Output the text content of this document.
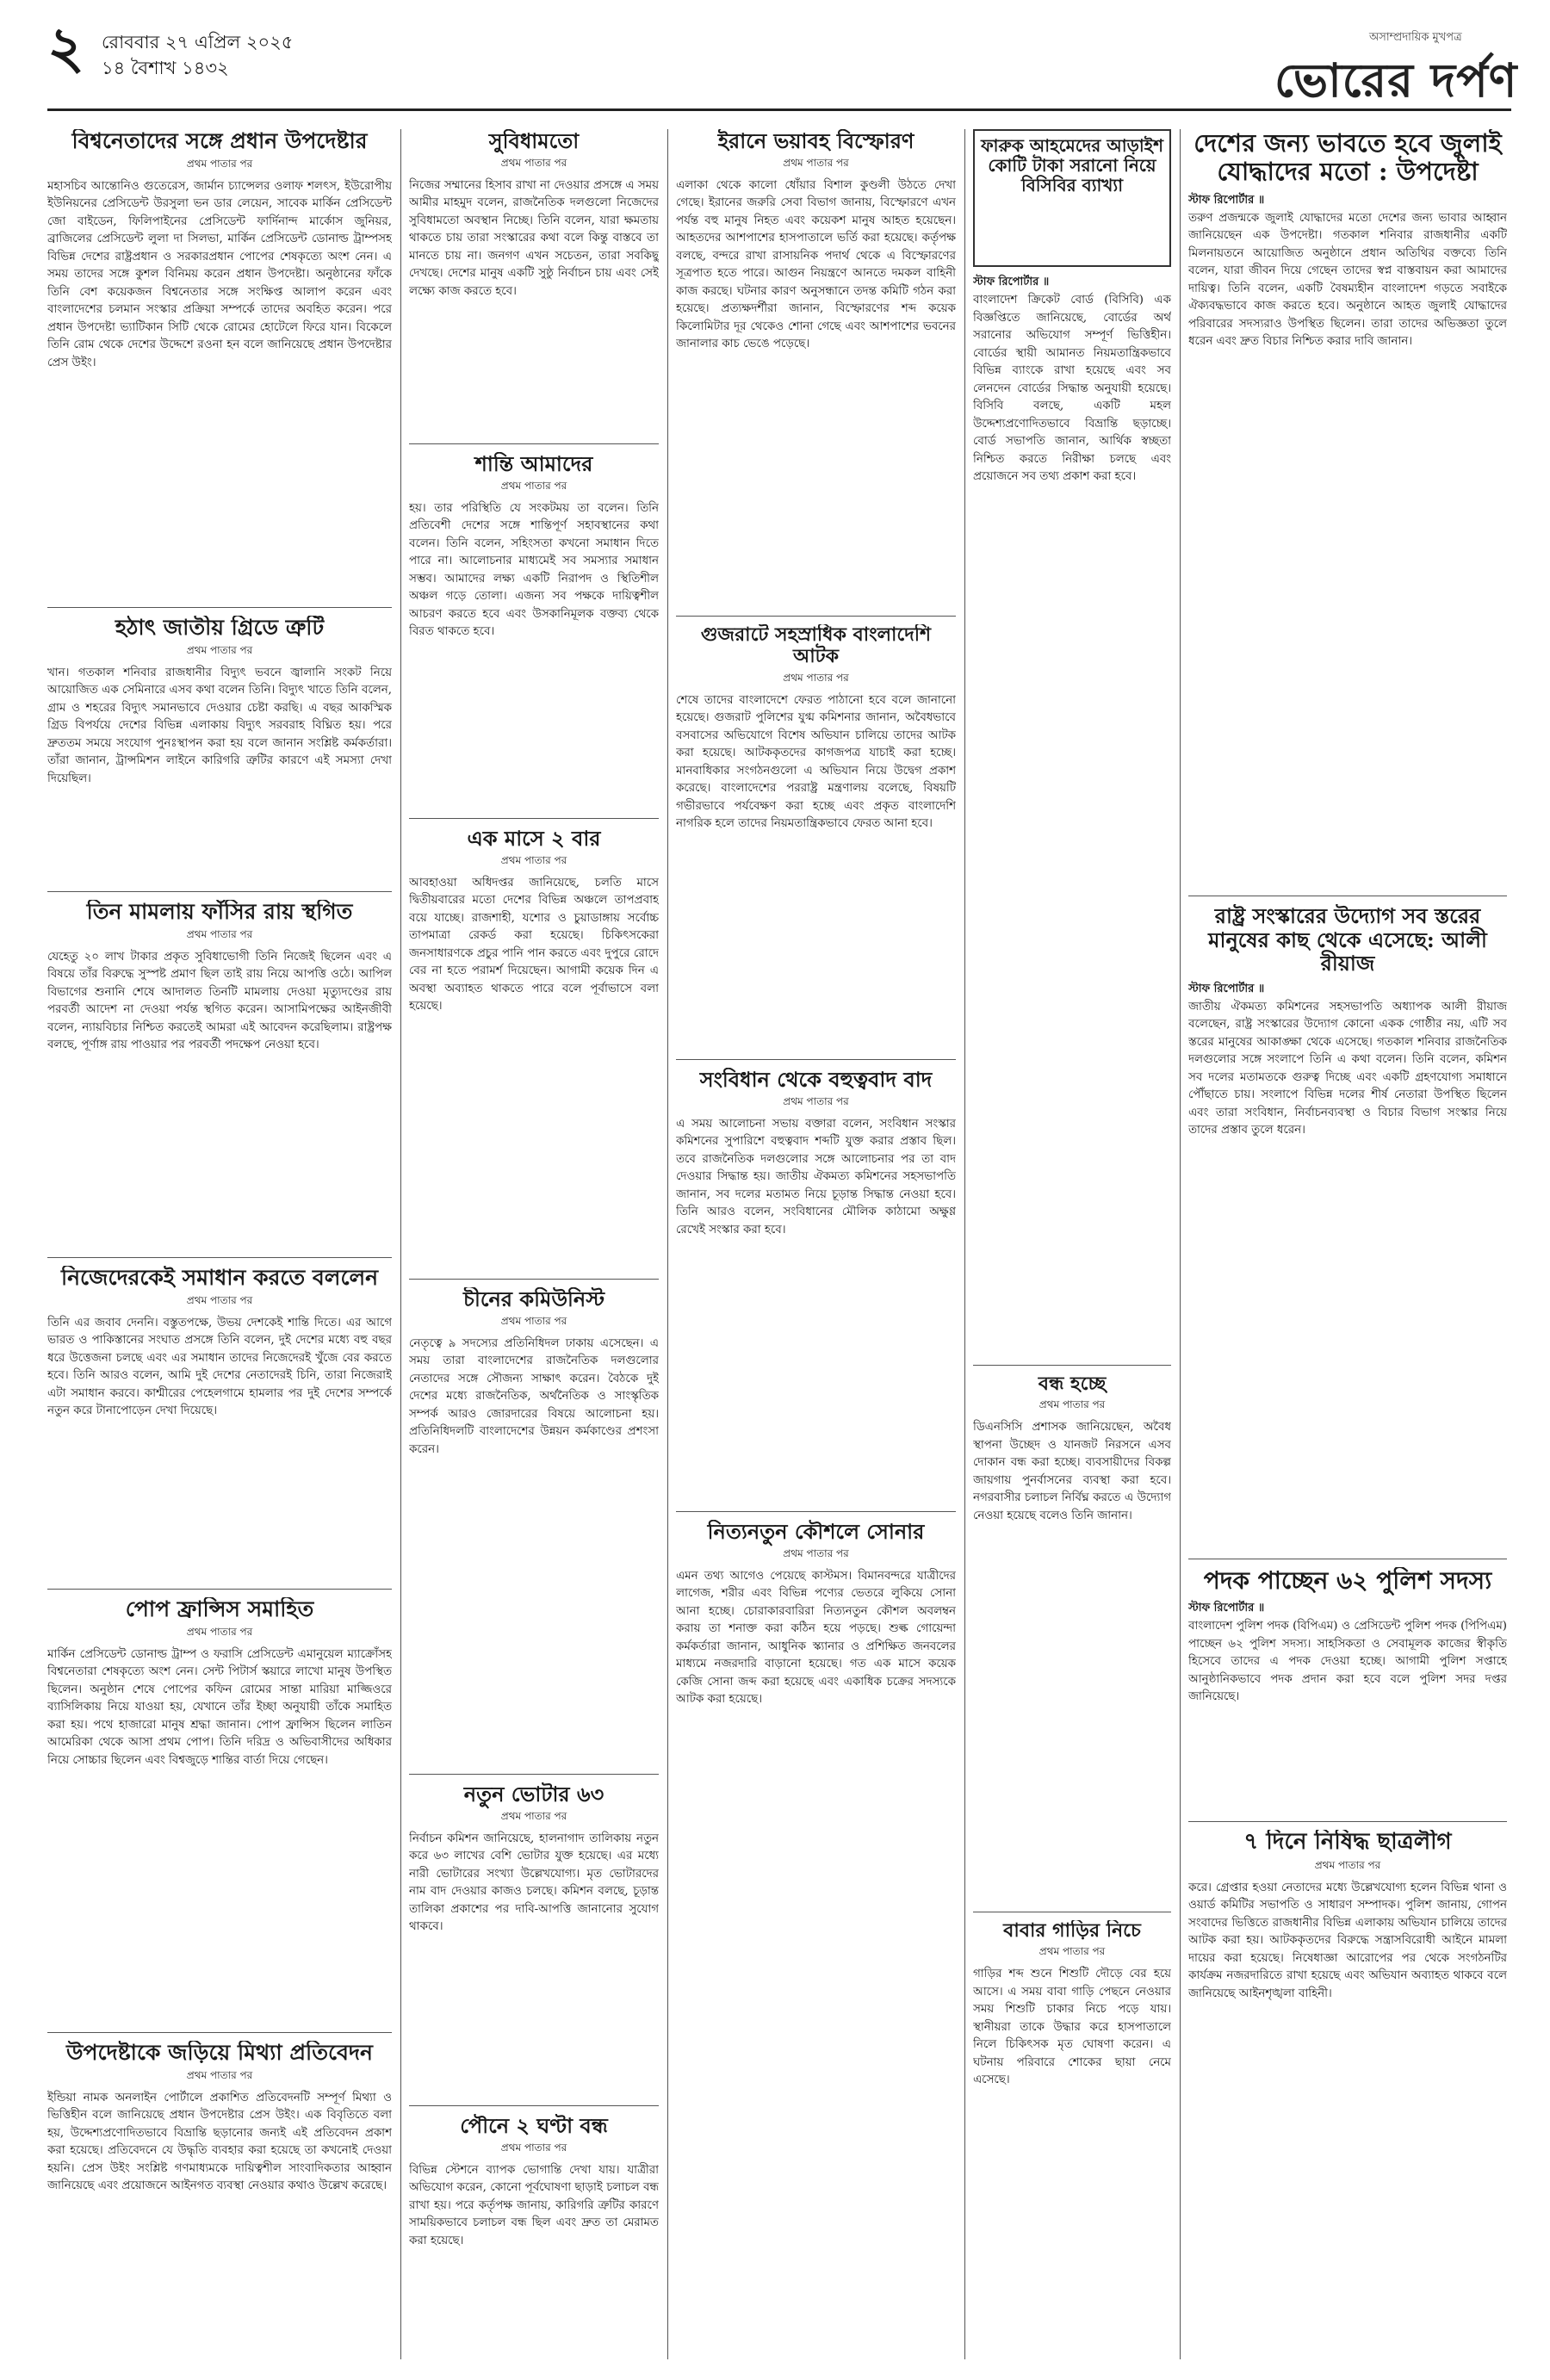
২ রোববার ২৭ এপ্রিল ২০২৫
১৪ বৈশাখ ১৪৩২
অসাম্প্রদায়িক মুখপত্র
ভোরের দর্পণ
বিশ্বনেতাদের সঙ্গে প্রধান উপদেষ্টার
প্রথম পাতার পর

মহাসচিব আন্তোনিও গুতেরেস, জার্মান চ্যান্সেলর ওলাফ শলৎস, ইউরোপীয় ইউনিয়নের প্রেসিডেন্ট উরসুলা ভন ডার লেয়েন, সাবেক মার্কিন প্রেসিডেন্ট জো বাইডেন, ফিলিপাইনের প্রেসিডেন্ট ফার্দিনান্দ মার্কোস জুনিয়র, ব্রাজিলের প্রেসিডেন্ট লুলা দা সিলভা, মার্কিন প্রেসিডেন্ট ডোনাল্ড ট্রাম্পসহ বিভিন্ন দেশের রাষ্ট্রপ্রধান ও সরকারপ্রধান পোপের শেষকৃত্যে অংশ নেন। এ সময় তাদের সঙ্গে কুশল বিনিময় করেন প্রধান উপদেষ্টা। অনুষ্ঠানের ফাঁকে তিনি বেশ কয়েকজন বিশ্বনেতার সঙ্গে সংক্ষিপ্ত আলাপ করেন এবং বাংলাদেশের চলমান সংস্কার প্রক্রিয়া সম্পর্কে তাদের অবহিত করেন। পরে প্রধান উপদেষ্টা ভ্যাটিকান সিটি থেকে রোমের হোটেলে ফিরে যান। বিকেলে তিনি রোম থেকে দেশের উদ্দেশে রওনা হন বলে জানিয়েছে প্রধান উপদেষ্টার প্রেস উইং।

হঠাৎ জাতীয় গ্রিডে ত্রুটি
প্রথম পাতার পর

খান। গতকাল শনিবার রাজধানীর বিদ্যুৎ ভবনে জ্বালানি সংকট নিয়ে আয়োজিত এক সেমিনারে এসব কথা বলেন তিনি। বিদ্যুৎ খাতে তিনি বলেন, গ্রাম ও শহরের বিদ্যুৎ সমানভাবে দেওয়ার চেষ্টা করছি। এ বছর আকস্মিক গ্রিড বিপর্যয়ে দেশের বিভিন্ন এলাকায় বিদ্যুৎ সরবরাহ বিঘ্নিত হয়। পরে দ্রুততম সময়ে সংযোগ পুনঃস্থাপন করা হয় বলে জানান সংশ্লিষ্ট কর্মকর্তারা। তাঁরা জানান, ট্রান্সমিশন লাইনে কারিগরি ত্রুটির কারণে এই সমস্যা দেখা দিয়েছিল।

তিন মামলায় ফাঁসির রায় স্থগিত
প্রথম পাতার পর

যেহেতু ২০ লাখ টাকার প্রকৃত সুবিধাভোগী তিনি নিজেই ছিলেন এবং এ বিষয়ে তাঁর বিরুদ্ধে সুস্পষ্ট প্রমাণ ছিল তাই রায় নিয়ে আপত্তি ওঠে। আপিল বিভাগের শুনানি শেষে আদালত তিনটি মামলায় দেওয়া মৃত্যুদণ্ডের রায় পরবর্তী আদেশ না দেওয়া পর্যন্ত স্থগিত করেন। আসামিপক্ষের আইনজীবী বলেন, ন্যায়বিচার নিশ্চিত করতেই আমরা এই আবেদন করেছিলাম। রাষ্ট্রপক্ষ বলছে, পূর্ণাঙ্গ রায় পাওয়ার পর পরবর্তী পদক্ষেপ নেওয়া হবে।

নিজেদেরকেই সমাধান করতে বললেন
প্রথম পাতার পর

তিনি এর জবাব দেননি। বস্তুতপক্ষে, উভয় দেশকেই শান্তি দিতে। এর আগে ভারত ও পাকিস্তানের সংঘাত প্রসঙ্গে তিনি বলেন, দুই দেশের মধ্যে বহু বছর ধরে উত্তেজনা চলছে এবং এর সমাধান তাদের নিজেদেরই খুঁজে বের করতে হবে। তিনি আরও বলেন, আমি দুই দেশের নেতাদেরই চিনি, তারা নিজেরাই এটা সমাধান করবে। কাশ্মীরের পেহেলগামে হামলার পর দুই দেশের সম্পর্কে নতুন করে টানাপোড়েন দেখা দিয়েছে।

পোপ ফ্রান্সিস সমাহিত
প্রথম পাতার পর

মার্কিন প্রেসিডেন্ট ডোনাল্ড ট্রাম্প ও ফরাসি প্রেসিডেন্ট এমানুয়েল ম্যাক্রোঁসহ বিশ্বনেতারা শেষকৃত্যে অংশ নেন। সেন্ট পিটার্স স্কয়ারে লাখো মানুষ উপস্থিত ছিলেন। অনুষ্ঠান শেষে পোপের কফিন রোমের সান্তা মারিয়া মাজ্জিওরে ব্যাসিলিকায় নিয়ে যাওয়া হয়, যেখানে তাঁর ইচ্ছা অনুযায়ী তাঁকে সমাহিত করা হয়। পথে হাজারো মানুষ শ্রদ্ধা জানান। পোপ ফ্রান্সিস ছিলেন লাতিন আমেরিকা থেকে আসা প্রথম পোপ। তিনি দরিদ্র ও অভিবাসীদের অধিকার নিয়ে সোচ্চার ছিলেন এবং বিশ্বজুড়ে শান্তির বার্তা দিয়ে গেছেন।

উপদেষ্টাকে জড়িয়ে মিথ্যা প্রতিবেদন
প্রথম পাতার পর

ইন্ডিয়া নামক অনলাইন পোর্টালে প্রকাশিত প্রতিবেদনটি সম্পূর্ণ মিথ্যা ও ভিত্তিহীন বলে জানিয়েছে প্রধান উপদেষ্টার প্রেস উইং। এক বিবৃতিতে বলা হয়, উদ্দেশ্যপ্রণোদিতভাবে বিভ্রান্তি ছড়ানোর জন্যই এই প্রতিবেদন প্রকাশ করা হয়েছে। প্রতিবেদনে যে উদ্ধৃতি ব্যবহার করা হয়েছে তা কখনোই দেওয়া হয়নি। প্রেস উইং সংশ্লিষ্ট গণমাধ্যমকে দায়িত্বশীল সাংবাদিকতার আহ্বান জানিয়েছে এবং প্রয়োজনে আইনগত ব্যবস্থা নেওয়ার কথাও উল্লেখ করেছে।

সুবিধামতো
প্রথম পাতার পর

নিজের সম্মানের হিসাব রাখা না দেওয়ার প্রসঙ্গে এ সময় আমীর মাহমুদ বলেন, রাজনৈতিক দলগুলো নিজেদের সুবিধামতো অবস্থান নিচ্ছে। তিনি বলেন, যারা ক্ষমতায় থাকতে চায় তারা সংস্কারের কথা বলে কিন্তু বাস্তবে তা মানতে চায় না। জনগণ এখন সচেতন, তারা সবকিছু দেখছে। দেশের মানুষ একটি সুষ্ঠু নির্বাচন চায় এবং সেই লক্ষ্যে কাজ করতে হবে।

শান্তি আমাদের
প্রথম পাতার পর

হয়। তার পরিস্থিতি যে সংকটময় তা বলেন। তিনি প্রতিবেশী দেশের সঙ্গে শান্তিপূর্ণ সহাবস্থানের কথা বলেন। তিনি বলেন, সহিংসতা কখনো সমাধান দিতে পারে না। আলোচনার মাধ্যমেই সব সমস্যার সমাধান সম্ভব। আমাদের লক্ষ্য একটি নিরাপদ ও স্থিতিশীল অঞ্চল গড়ে তোলা। এজন্য সব পক্ষকে দায়িত্বশীল আচরণ করতে হবে এবং উসকানিমূলক বক্তব্য থেকে বিরত থাকতে হবে।

এক মাসে ২ বার
প্রথম পাতার পর

আবহাওয়া অধিদপ্তর জানিয়েছে, চলতি মাসে দ্বিতীয়বারের মতো দেশের বিভিন্ন অঞ্চলে তাপপ্রবাহ বয়ে যাচ্ছে। রাজশাহী, যশোর ও চুয়াডাঙ্গায় সর্বোচ্চ তাপমাত্রা রেকর্ড করা হয়েছে। চিকিৎসকেরা জনসাধারণকে প্রচুর পানি পান করতে এবং দুপুরে রোদে বের না হতে পরামর্শ দিয়েছেন। আগামী কয়েক দিন এ অবস্থা অব্যাহত থাকতে পারে বলে পূর্বাভাসে বলা হয়েছে।

চীনের কমিউনিস্ট
প্রথম পাতার পর

নেতৃত্বে ৯ সদস্যের প্রতিনিধিদল ঢাকায় এসেছেন। এ সময় তারা বাংলাদেশের রাজনৈতিক দলগুলোর নেতাদের সঙ্গে সৌজন্য সাক্ষাৎ করেন। বৈঠকে দুই দেশের মধ্যে রাজনৈতিক, অর্থনৈতিক ও সাংস্কৃতিক সম্পর্ক আরও জোরদারের বিষয়ে আলোচনা হয়। প্রতিনিধিদলটি বাংলাদেশের উন্নয়ন কর্মকাণ্ডের প্রশংসা করেন।

নতুন ভোটার ৬৩
প্রথম পাতার পর

নির্বাচন কমিশন জানিয়েছে, হালনাগাদ তালিকায় নতুন করে ৬৩ লাখের বেশি ভোটার যুক্ত হয়েছে। এর মধ্যে নারী ভোটারের সংখ্যা উল্লেখযোগ্য। মৃত ভোটারদের নাম বাদ দেওয়ার কাজও চলছে। কমিশন বলছে, চূড়ান্ত তালিকা প্রকাশের পর দাবি-আপত্তি জানানোর সুযোগ থাকবে।

পৌনে ২ ঘণ্টা বন্ধ
প্রথম পাতার পর

বিভিন্ন স্টেশনে ব্যাপক ভোগান্তি দেখা যায়। যাত্রীরা অভিযোগ করেন, কোনো পূর্বঘোষণা ছাড়াই চলাচল বন্ধ রাখা হয়। পরে কর্তৃপক্ষ জানায়, কারিগরি ত্রুটির কারণে সাময়িকভাবে চলাচল বন্ধ ছিল এবং দ্রুত তা মেরামত করা হয়েছে।

ইরানে ভয়াবহ বিস্ফোরণ
প্রথম পাতার পর

এলাকা থেকে কালো ধোঁয়ার বিশাল কুণ্ডলী উঠতে দেখা গেছে। ইরানের জরুরি সেবা বিভাগ জানায়, বিস্ফোরণে এখন পর্যন্ত বহু মানুষ নিহত এবং কয়েকশ মানুষ আহত হয়েছেন। আহতদের আশপাশের হাসপাতালে ভর্তি করা হয়েছে। কর্তৃপক্ষ বলছে, বন্দরে রাখা রাসায়নিক পদার্থ থেকে এ বিস্ফোরণের সূত্রপাত হতে পারে। আগুন নিয়ন্ত্রণে আনতে দমকল বাহিনী কাজ করছে। ঘটনার কারণ অনুসন্ধানে তদন্ত কমিটি গঠন করা হয়েছে। প্রত্যক্ষদর্শীরা জানান, বিস্ফোরণের শব্দ কয়েক কিলোমিটার দূর থেকেও শোনা গেছে এবং আশপাশের ভবনের জানালার কাচ ভেঙে পড়েছে।

গুজরাটে সহস্রাধিক বাংলাদেশি আটক
প্রথম পাতার পর

শেষে তাদের বাংলাদেশে ফেরত পাঠানো হবে বলে জানানো হয়েছে। গুজরাট পুলিশের যুগ্ম কমিশনার জানান, অবৈধভাবে বসবাসের অভিযোগে বিশেষ অভিযান চালিয়ে তাদের আটক করা হয়েছে। আটককৃতদের কাগজপত্র যাচাই করা হচ্ছে। মানবাধিকার সংগঠনগুলো এ অভিযান নিয়ে উদ্বেগ প্রকাশ করেছে। বাংলাদেশের পররাষ্ট্র মন্ত্রণালয় বলেছে, বিষয়টি গভীরভাবে পর্যবেক্ষণ করা হচ্ছে এবং প্রকৃত বাংলাদেশি নাগরিক হলে তাদের নিয়মতান্ত্রিকভাবে ফেরত আনা হবে।

সংবিধান থেকে বহুত্ববাদ বাদ
প্রথম পাতার পর

এ সময় আলোচনা সভায় বক্তারা বলেন, সংবিধান সংস্কার কমিশনের সুপারিশে বহুত্ববাদ শব্দটি যুক্ত করার প্রস্তাব ছিল। তবে রাজনৈতিক দলগুলোর সঙ্গে আলোচনার পর তা বাদ দেওয়ার সিদ্ধান্ত হয়। জাতীয় ঐকমত্য কমিশনের সহসভাপতি জানান, সব দলের মতামত নিয়ে চূড়ান্ত সিদ্ধান্ত নেওয়া হবে। তিনি আরও বলেন, সংবিধানের মৌলিক কাঠামো অক্ষুণ্ণ রেখেই সংস্কার করা হবে।

নিত্যনতুন কৌশলে সোনার
প্রথম পাতার পর

এমন তথ্য আগেও পেয়েছে কাস্টমস। বিমানবন্দরে যাত্রীদের লাগেজ, শরীর এবং বিভিন্ন পণ্যের ভেতরে লুকিয়ে সোনা আনা হচ্ছে। চোরাকারবারিরা নিত্যনতুন কৌশল অবলম্বন করায় তা শনাক্ত করা কঠিন হয়ে পড়ছে। শুল্ক গোয়েন্দা কর্মকর্তারা জানান, আধুনিক স্ক্যানার ও প্রশিক্ষিত জনবলের মাধ্যমে নজরদারি বাড়ানো হয়েছে। গত এক মাসে কয়েক কেজি সোনা জব্দ করা হয়েছে এবং একাধিক চক্রের সদস্যকে আটক করা হয়েছে।

ফারুক আহমেদের আড়াইশ কোটি টাকা সরানো নিয়ে বিসিবির ব্যাখ্যা
স্টাফ রিপোর্টার ॥

বাংলাদেশ ক্রিকেট বোর্ড (বিসিবি) এক বিজ্ঞপ্তিতে জানিয়েছে, বোর্ডের অর্থ সরানোর অভিযোগ সম্পূর্ণ ভিত্তিহীন। বোর্ডের স্থায়ী আমানত নিয়মতান্ত্রিকভাবে বিভিন্ন ব্যাংকে রাখা হয়েছে এবং সব লেনদেন বোর্ডের সিদ্ধান্ত অনুযায়ী হয়েছে। বিসিবি বলছে, একটি মহল উদ্দেশ্যপ্রণোদিতভাবে বিভ্রান্তি ছড়াচ্ছে। বোর্ড সভাপতি জানান, আর্থিক স্বচ্ছতা নিশ্চিত করতে নিরীক্ষা চলছে এবং প্রয়োজনে সব তথ্য প্রকাশ করা হবে।

বন্ধ হচ্ছে
প্রথম পাতার পর

ডিএনসিসি প্রশাসক জানিয়েছেন, অবৈধ স্থাপনা উচ্ছেদ ও যানজট নিরসনে এসব দোকান বন্ধ করা হচ্ছে। ব্যবসায়ীদের বিকল্প জায়গায় পুনর্বাসনের ব্যবস্থা করা হবে। নগরবাসীর চলাচল নির্বিঘ্ন করতে এ উদ্যোগ নেওয়া হয়েছে বলেও তিনি জানান।

বাবার গাড়ির নিচে
প্রথম পাতার পর

গাড়ির শব্দ শুনে শিশুটি দৌড়ে বের হয়ে আসে। এ সময় বাবা গাড়ি পেছনে নেওয়ার সময় শিশুটি চাকার নিচে পড়ে যায়। স্থানীয়রা তাকে উদ্ধার করে হাসপাতালে নিলে চিকিৎসক মৃত ঘোষণা করেন। এ ঘটনায় পরিবারে শোকের ছায়া নেমে এসেছে।

দেশের জন্য ভাবতে হবে জুলাই যোদ্ধাদের মতো : উপদেষ্টা
স্টাফ রিপোর্টার ॥

তরুণ প্রজন্মকে জুলাই যোদ্ধাদের মতো দেশের জন্য ভাবার আহ্বান জানিয়েছেন এক উপদেষ্টা। গতকাল শনিবার রাজধানীর একটি মিলনায়তনে আয়োজিত অনুষ্ঠানে প্রধান অতিথির বক্তব্যে তিনি বলেন, যারা জীবন দিয়ে গেছেন তাদের স্বপ্ন বাস্তবায়ন করা আমাদের দায়িত্ব। তিনি বলেন, একটি বৈষম্যহীন বাংলাদেশ গড়তে সবাইকে ঐক্যবদ্ধভাবে কাজ করতে হবে। অনুষ্ঠানে আহত জুলাই যোদ্ধাদের পরিবারের সদস্যরাও উপস্থিত ছিলেন। তারা তাদের অভিজ্ঞতা তুলে ধরেন এবং দ্রুত বিচার নিশ্চিত করার দাবি জানান।

রাষ্ট্র সংস্কারের উদ্যোগ সব স্তরের মানুষের কাছ থেকে এসেছে: আলী রীয়াজ
স্টাফ রিপোর্টার ॥

জাতীয় ঐকমত্য কমিশনের সহসভাপতি অধ্যাপক আলী রীয়াজ বলেছেন, রাষ্ট্র সংস্কারের উদ্যোগ কোনো একক গোষ্ঠীর নয়, এটি সব স্তরের মানুষের আকাঙ্ক্ষা থেকে এসেছে। গতকাল শনিবার রাজনৈতিক দলগুলোর সঙ্গে সংলাপে তিনি এ কথা বলেন। তিনি বলেন, কমিশন সব দলের মতামতকে গুরুত্ব দিচ্ছে এবং একটি গ্রহণযোগ্য সমাধানে পৌঁছাতে চায়। সংলাপে বিভিন্ন দলের শীর্ষ নেতারা উপস্থিত ছিলেন এবং তারা সংবিধান, নির্বাচনব্যবস্থা ও বিচার বিভাগ সংস্কার নিয়ে তাদের প্রস্তাব তুলে ধরেন।

পদক পাচ্ছেন ৬২ পুলিশ সদস্য
স্টাফ রিপোর্টার ॥

বাংলাদেশ পুলিশ পদক (বিপিএম) ও প্রেসিডেন্ট পুলিশ পদক (পিপিএম) পাচ্ছেন ৬২ পুলিশ সদস্য। সাহসিকতা ও সেবামূলক কাজের স্বীকৃতি হিসেবে তাদের এ পদক দেওয়া হচ্ছে। আগামী পুলিশ সপ্তাহে আনুষ্ঠানিকভাবে পদক প্রদান করা হবে বলে পুলিশ সদর দপ্তর জানিয়েছে।

৭ দিনে নিষিদ্ধ ছাত্রলীগ
প্রথম পাতার পর

করে। গ্রেপ্তার হওয়া নেতাদের মধ্যে উল্লেখযোগ্য হলেন বিভিন্ন থানা ও ওয়ার্ড কমিটির সভাপতি ও সাধারণ সম্পাদক। পুলিশ জানায়, গোপন সংবাদের ভিত্তিতে রাজধানীর বিভিন্ন এলাকায় অভিযান চালিয়ে তাদের আটক করা হয়। আটককৃতদের বিরুদ্ধে সন্ত্রাসবিরোধী আইনে মামলা দায়ের করা হয়েছে। নিষেধাজ্ঞা আরোপের পর থেকে সংগঠনটির কার্যক্রম নজরদারিতে রাখা হয়েছে এবং অভিযান অব্যাহত থাকবে বলে জানিয়েছে আইনশৃঙ্খলা বাহিনী।
